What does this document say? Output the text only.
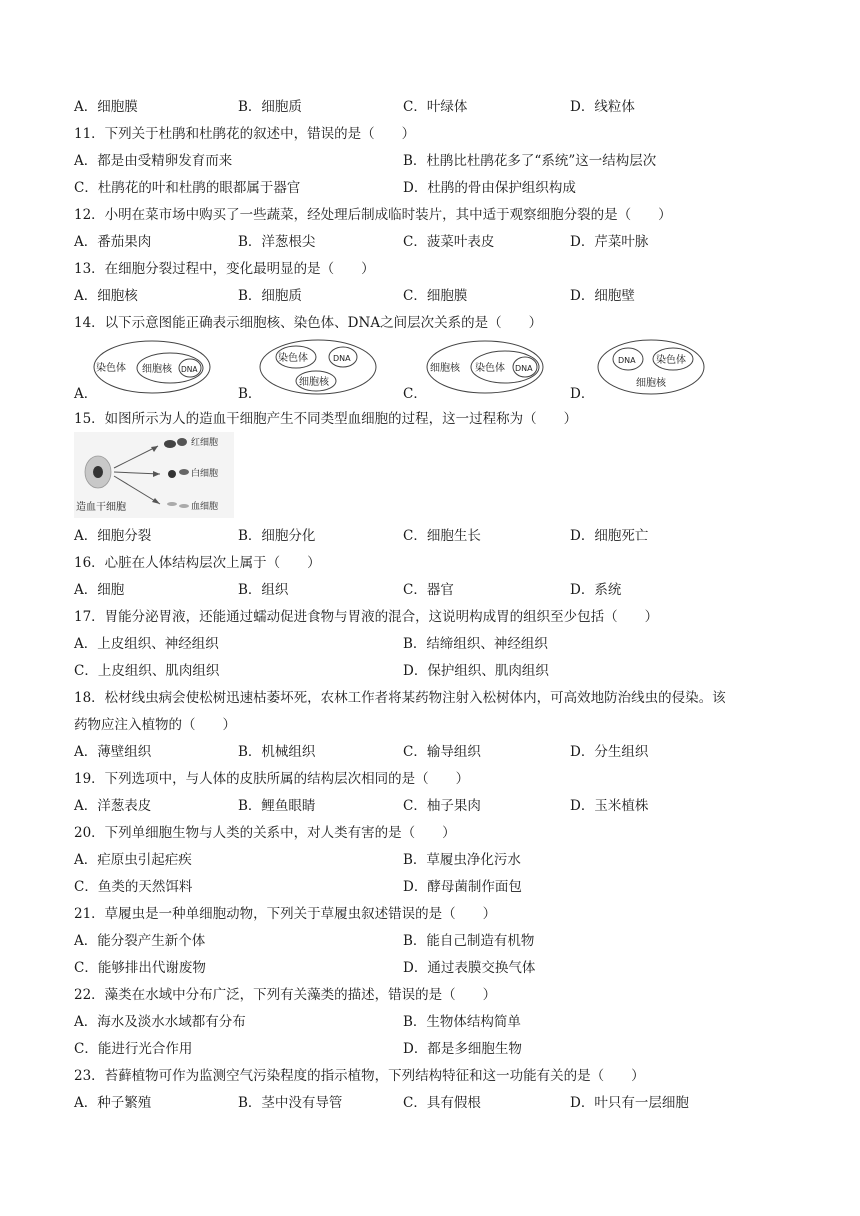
A．细胞膜	B．细胞质	C．叶绿体	D．线粒体
11．下列关于杜鹃和杜鹃花的叙述中，错误的是（　　）
A．都是由受精卵发育而来	B．杜鹃比杜鹃花多了“系统”这一结构层次
C．杜鹃花的叶和杜鹃的眼都属于器官	D．杜鹃的骨由保护组织构成
12．小明在菜市场中购买了一些蔬菜，经处理后制成临时装片，其中适于观察细胞分裂的是（　　）
A．番茄果肉	B．洋葱根尖	C．菠菜叶表皮	D．芹菜叶脉
13．在细胞分裂过程中，变化最明显的是（　　）
A．细胞核	B．细胞质	C．细胞膜	D．细胞壁
14．以下示意图能正确表示细胞核、染色体、DNA之间层次关系的是（　　）
染色体 细胞核 DNA
A．
染色体	DNA
细胞核
B．
细胞核 染色体 DNA
C．
DNA 染色体
细胞核
D．
15．如图所示为人的造血干细胞产生不同类型血细胞的过程，这一过程称为（　　）
红细胞
白细胞
血细胞
造血干细胞
A．细胞分裂	B．细胞分化	C．细胞生长	D．细胞死亡
16．心脏在人体结构层次上属于（　　）
A．细胞	B．组织	C．器官	D．系统
17．胃能分泌胃液，还能通过蠕动促进食物与胃液的混合，这说明构成胃的组织至少包括（　　）
A．上皮组织、神经组织	B．结缔组织、神经组织
C．上皮组织、肌肉组织	D．保护组织、肌肉组织
18．松材线虫病会使松树迅速枯萎坏死，农林工作者将某药物注射入松树体内，可高效地防治线虫的侵染。该
药物应注入植物的（　　）
A．薄壁组织	B．机械组织	C．输导组织	D．分生组织
19．下列选项中，与人体的皮肤所属的结构层次相同的是（　　）
A．洋葱表皮	B．鲤鱼眼睛	C．柚子果肉	D．玉米植株
20．下列单细胞生物与人类的关系中，对人类有害的是（　　）
A．疟原虫引起疟疾	B．草履虫净化污水
C．鱼类的天然饵料	D．酵母菌制作面包
21．草履虫是一种单细胞动物，下列关于草履虫叙述错误的是（　　）
A．能分裂产生新个体	B．能自己制造有机物
C．能够排出代谢废物	D．通过表膜交换气体
22．藻类在水域中分布广泛，下列有关藻类的描述，错误的是（　　）
A．海水及淡水水域都有分布	B．生物体结构简单
C．能进行光合作用	D．都是多细胞生物
23．苔藓植物可作为监测空气污染程度的指示植物，下列结构特征和这一功能有关的是（　　）
A．种子繁殖	B．茎中没有导管	C．具有假根	D．叶只有一层细胞
